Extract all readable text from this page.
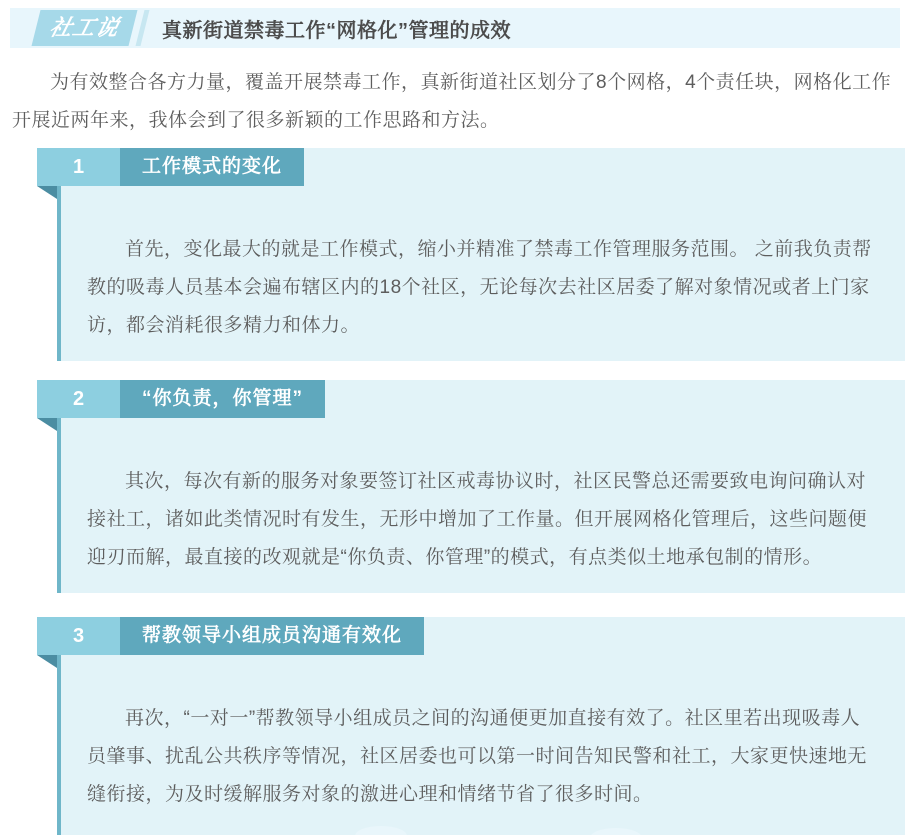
社工说	真新街道禁毒工作“网格化”管理的成效

为有效整合各方力量，覆盖开展禁毒工作，真新街道社区划分了8个网格，4个责任块，网格化工作开展近两年来，我体会到了很多新颖的工作思路和方法。

1	工作模式的变化

首先，变化最大的就是工作模式，缩小并精准了禁毒工作管理服务范围。 之前我负责帮教的吸毒人员基本会遍布辖区内的18个社区，无论每次去社区居委了解对象情况或者上门家访，都会消耗很多精力和体力。

2	“你负责，你管理”

其次，每次有新的服务对象要签订社区戒毒协议时，社区民警总还需要致电询问确认对接社工，诸如此类情况时有发生，无形中增加了工作量。但开展网格化管理后，这些问题便迎刃而解，最直接的改观就是“你负责、你管理”的模式，有点类似土地承包制的情形。

3	帮教领导小组成员沟通有效化

再次，“一对一”帮教领导小组成员之间的沟通便更加直接有效了。社区里若出现吸毒人员肇事、扰乱公共秩序等情况，社区居委也可以第一时间告知民警和社工，大家更快速地无缝衔接，为及时缓解服务对象的激进心理和情绪节省了很多时间。
